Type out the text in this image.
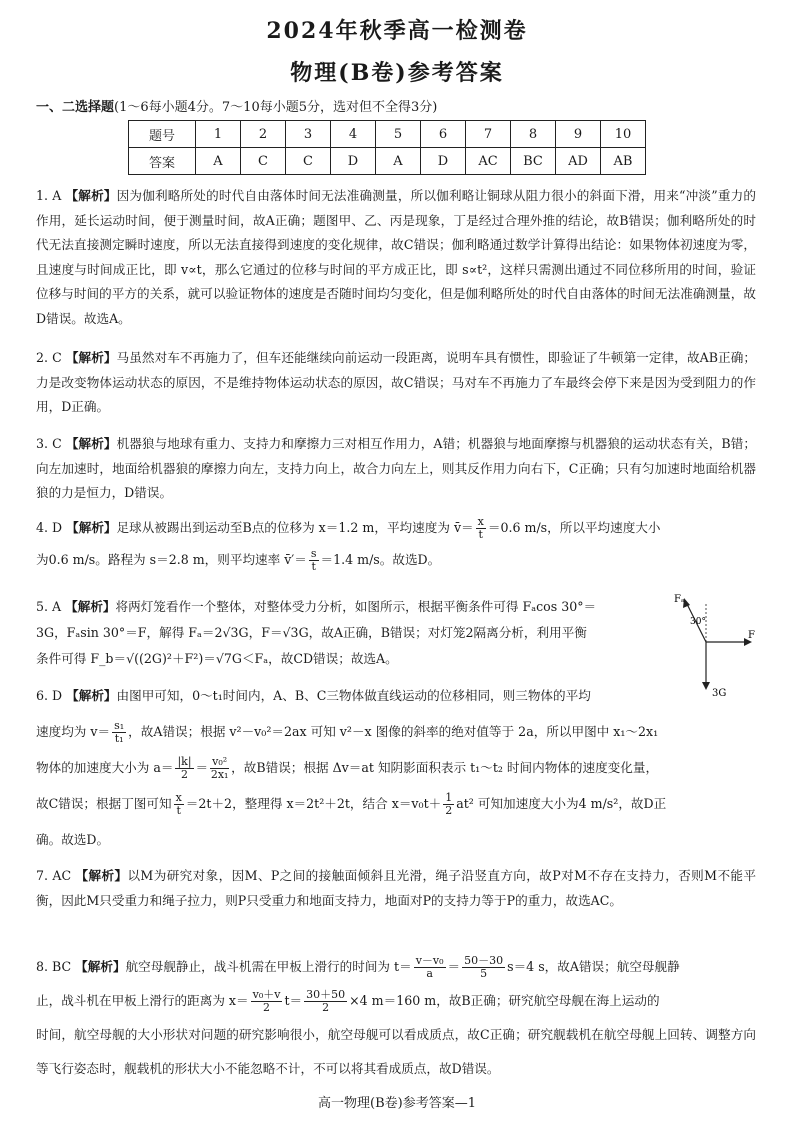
2024年秋季高一检测卷
物理(B卷)参考答案
一、二选择题(1～6每小题4分。7～10每小题5分，选对但不全得3分)
题号	1	2	3	4	5	6	7	8	9	10
答案	A	C	C	D	A	D	AC	BC	AD	AB
1. A 【解析】因为伽利略所处的时代自由落体时间无法准确测量，所以伽利略让铜球从阻力很小的斜面下滑，用来“冲淡”重力的作用，延长运动时间，便于测量时间，故A正确；题图甲、乙、丙是现象，丁是经过合理外推的结论，故B错误；伽利略所处的时代无法直接测定瞬时速度，所以无法直接得到速度的变化规律，故C错误；伽利略通过数学计算得出结论：如果物体初速度为零，且速度与时间成正比，即 v∝t，那么它通过的位移与时间的平方成正比，即 s∝t²，这样只需测出通过不同位移所用的时间，验证位移与时间的平方的关系，就可以验证物体的速度是否随时间均匀变化，但是伽利略所处的时代自由落体的时间无法准确测量，故D错误。故选A。
2. C 【解析】马虽然对车不再施力了，但车还能继续向前运动一段距离，说明车具有惯性，即验证了牛顿第一定律，故AB正确；力是改变物体运动状态的原因，不是维持物体运动状态的原因，故C错误；马对车不再施力了车最终会停下来是因为受到阻力的作用，D正确。
3. C 【解析】机器狼与地球有重力、支持力和摩擦力三对相互作用力，A错；机器狼与地面摩擦与机器狼的运动状态有关，B错；向左加速时，地面给机器狼的摩擦力向左，支持力向上，故合力向左上，则其反作用力向右下，C正确；只有匀加速时地面给机器狼的力是恒力，D错误。
4. D 【解析】足球从被踢出到运动至B点的位移为 x＝1.2 m，平均速度为 v̄＝ $\frac{x}{t} =0.6$ m/s，所以平均速度大小
为0.6 m/s。路程为 s＝2.8 m，则平均速率 v̄′＝ $\frac{s}{t} =1.4$ m/s。故选D。
5. A 【解析】将两灯笼看作一个整体，对整体受力分析，如图所示，根据平衡条件可得 Fₐcos 30°＝
3G，Fₐsin 30°＝F，解得 Fₐ＝2√3G，F＝√3G，故A正确，B错误；对灯笼2隔离分析，利用平衡
条件可得 F_b＝√((2G)²＋F²)＝√7G＜Fₐ，故CD错误；故选A。
Fₐ
30°
F
3G
6. D 【解析】由图甲可知，0～t₁时间内，A、B、C三物体做直线运动的位移相同，则三物体的平均
速度均为 $v= \frac{\text{s₁}}{\text{t₁}}$ ，故A错误；根据 v²－v₀²＝2ax 可知 v²－x 图像的斜率的绝对值等于 2a，所以甲图中 x₁～2x₁
物体的加速度大小为 $a= \frac{|k|}{2} = \frac{\text{v₀²}}{\text{2x₁}}$ ，故B错误；根据 Δv＝at 知阴影面积表示 t₁～t₂ 时间内物体的速度变化量，
故C错误；根据丁图可知 $\frac{x}{t} =2t+2$，整理得 x＝2t²＋2t，结合 $x=v_0t+ \frac{1}{2} at^2$ 可知加速度大小为4 m/s²，故D正
确。故选D。
7. AC 【解析】以M为研究对象，因M、P之间的接触面倾斜且光滑，绳子沿竖直方向，故P对M不存在支持力，否则M不能平衡，因此M只受重力和绳子拉力，则P只受重力和地面支持力，地面对P的支持力等于P的重力，故选AC。
8. BC 【解析】航空母舰静止，战斗机需在甲板上滑行的时间为 $t= \frac{\text{v－v₀}}{a} = \frac{50-30}{5} s=4$ s，故A错误；航空母舰静
止，战斗机在甲板上滑行的距离为 $x= \frac{\text{v₀＋v}}{2} t= \frac{30+50}{2} \times 4$ m＝160 m，故B正确；研究航空母舰在海上运动的
时间，航空母舰的大小形状对问题的研究影响很小，航空母舰可以看成质点，故C正确；研究舰载机在航空母舰上回转、调整方向等飞行姿态时，舰载机的形状大小不能忽略不计，不可以将其看成质点，故D错误。
高一物理(B卷)参考答案—1
